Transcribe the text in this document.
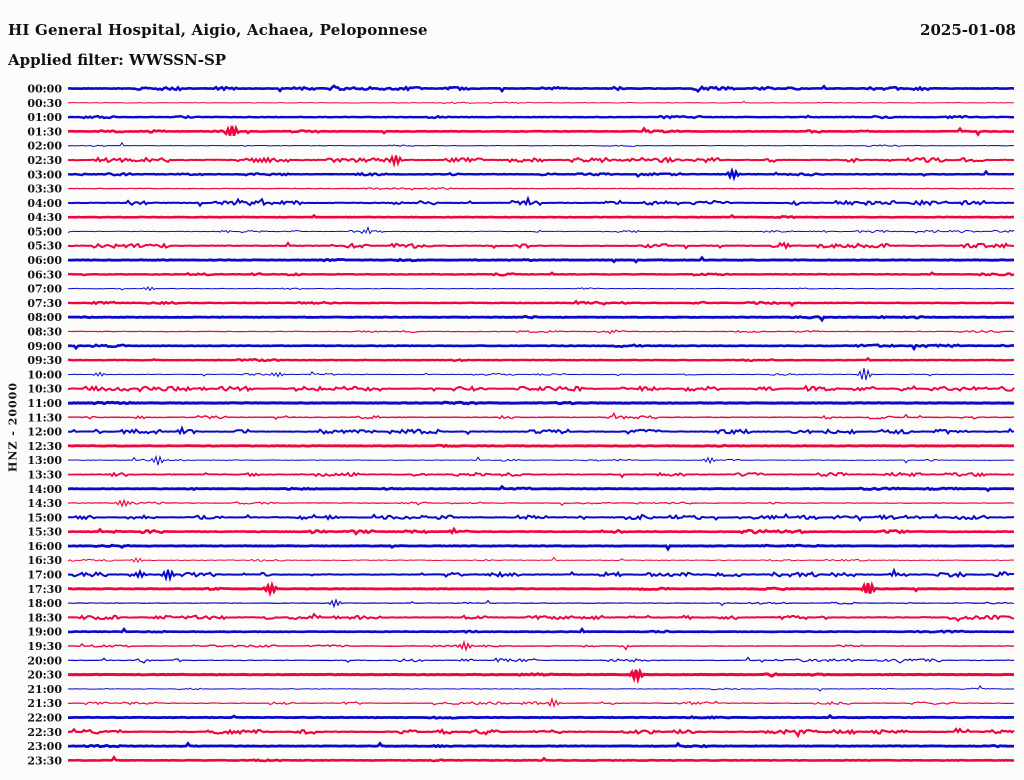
HI General Hospital, Aigio, Achaea, Peloponnese	2025-01-08
Applied filter: WWSSN-SP
HNZ - 20000
00:00
00:30
01:00
01:30
02:00
02:30
03:00
03:30
04:00
04:30
05:00
05:30
06:00
06:30
07:00
07:30
08:00
08:30
09:00
09:30
10:00
10:30
11:00
11:30
12:00
12:30
13:00
13:30
14:00
14:30
15:00
15:30
16:00
16:30
17:00
17:30
18:00
18:30
19:00
19:30
20:00
20:30
21:00
21:30
22:00
22:30
23:00
23:30
